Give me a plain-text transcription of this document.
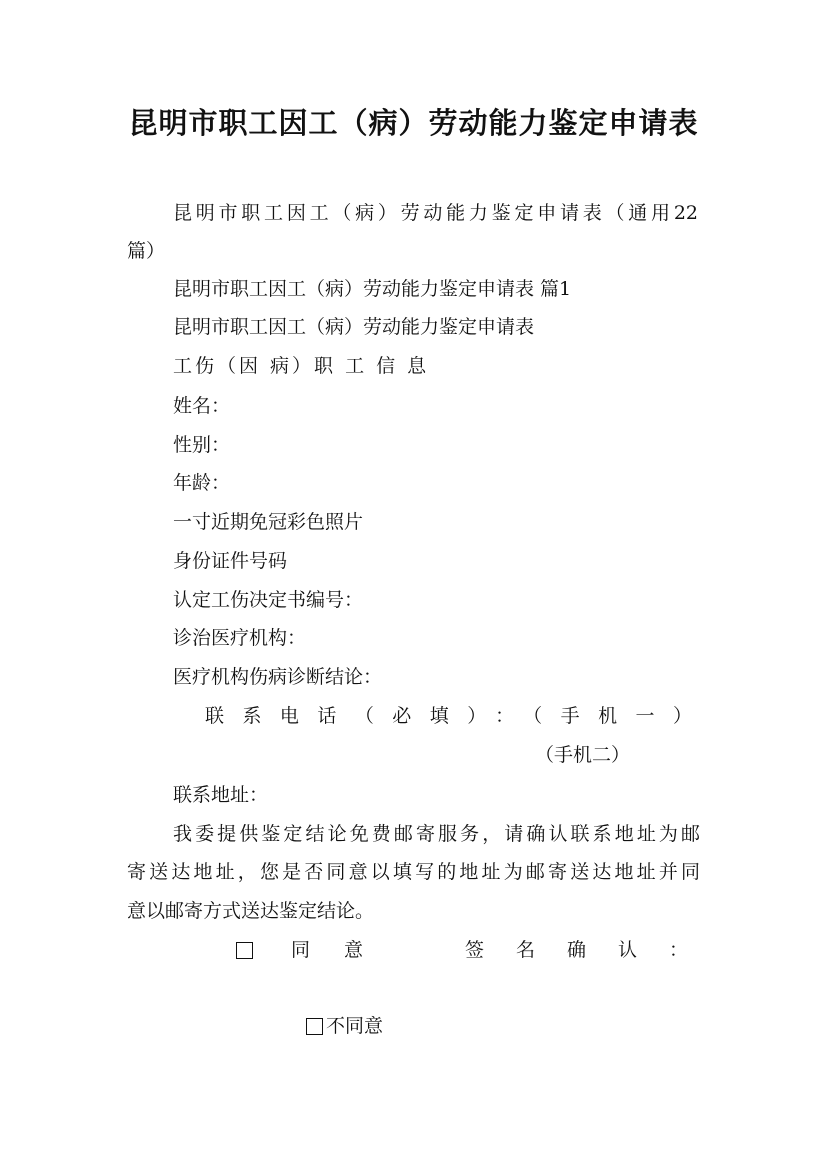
昆明市职工因工（病）劳动能力鉴定申请表
昆明市职工因工（病）劳动能力鉴定申请表（通用22
篇）
昆明市职工因工（病）劳动能力鉴定申请表 篇1
昆明市职工因工（病）劳动能力鉴定申请表
工伤（因 病）职 工 信 息
姓名：
性别：
年龄：
一寸近期免冠彩色照片
身份证件号码
认定工伤决定书编号：
诊治医疗机构：
医疗机构伤病诊断结论：
联系电话（必填）：（手机一）
（手机二）
联系地址：
我委提供鉴定结论免费邮寄服务，请确认联系地址为邮
寄送达地址，您是否同意以填写的地址为邮寄送达地址并同
意以邮寄方式送达鉴定结论。
同意	签名确认：
不同意
